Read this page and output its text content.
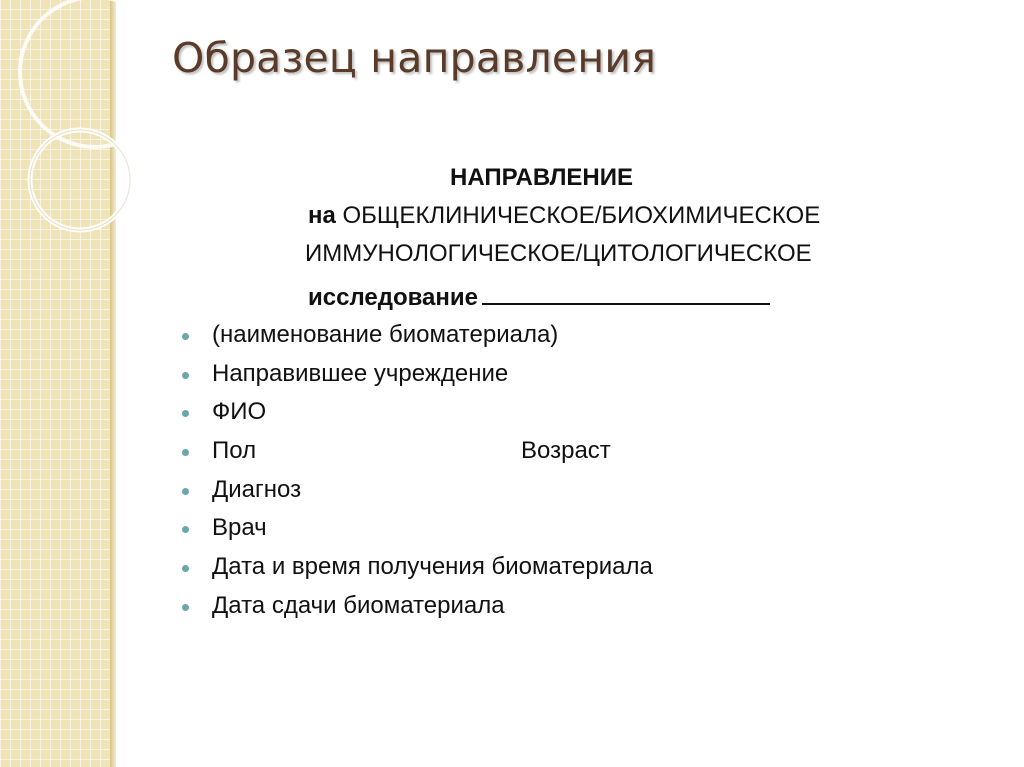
Образец направления
НАПРАВЛЕНИЕ
на ОБЩЕКЛИНИЧЕСКОЕ/БИОХИМИЧЕСКОЕ
ИММУНОЛОГИЧЕСКОЕ/ЦИТОЛОГИЧЕСКОЕ
исследование
(наименование биоматериала)
Направившее учреждение
ФИО
Пол	Возраст
Диагноз
Врач
Дата и время получения биоматериала
Дата сдачи биоматериала
